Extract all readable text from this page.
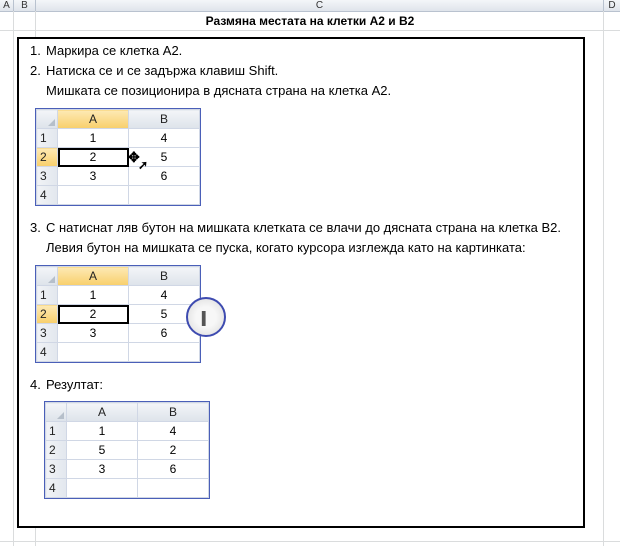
A	B	C	D
Размяна местата на клетки А2 и В2
1. Маркира се клетка А2.
2. Натиска се и се задържа клавиш Shift.
Мишката се позиционира в дясната страна на клетка А2.
	A	B
1	1	4
2	2	5
3	3	6
4		
✥
➚
3. С натиснат ляв бутон на мишката клетката се влачи до дясната страна на клетка В2.
Левия бутон на мишката се пуска, когато курсора изглежда като на картинката:
	A	B
1	1	4
2	2	5
3	3	6
4		
I
4. Резултат:
	A	B
1	1	4
2	5	2
3	3	6
4		
